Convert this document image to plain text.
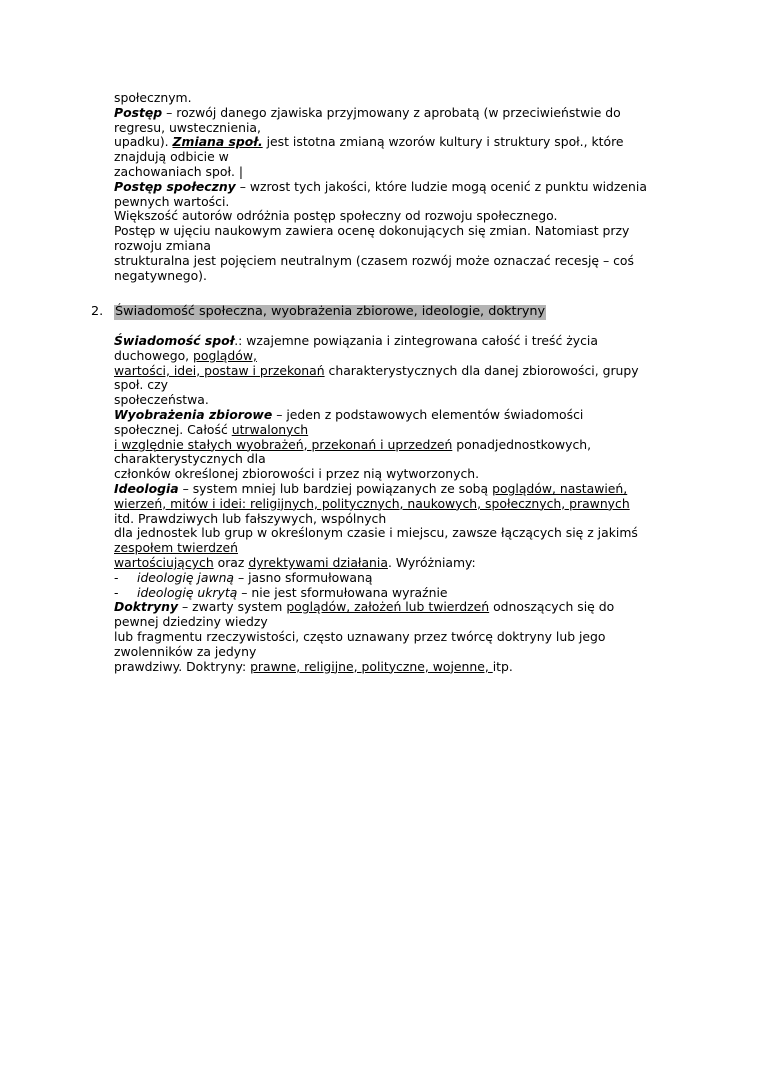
społecznym.
Postęp – rozwój danego zjawiska przyjmowany z aprobatą (w przeciwieństwie do
regresu, uwstecznienia,
upadku). Zmiana społ. jest istotna zmianą wzorów kultury i struktury społ., które
znajdują odbicie w
zachowaniach społ. |
Postęp społeczny – wzrost tych jakości, które ludzie mogą ocenić z punktu widzenia
pewnych wartości.
Większość autorów odróżnia postęp społeczny od rozwoju społecznego.
Postęp w ujęciu naukowym zawiera ocenę dokonujących się zmian. Natomiast przy
rozwoju zmiana
strukturalna jest pojęciem neutralnym (czasem rozwój może oznaczać recesję – coś
negatywnego).
2. Świadomość społeczna, wyobrażenia zbiorowe, ideologie, doktryny
Świadomość społ.: wzajemne powiązania i zintegrowana całość i treść życia
duchowego, poglądów,
wartości, idei, postaw i przekonań charakterystycznych dla danej zbiorowości, grupy
społ. czy
społeczeństwa.
Wyobrażenia zbiorowe – jeden z podstawowych elementów świadomości
społecznej. Całość utrwalonych
i względnie stałych wyobrażeń, przekonań i uprzedzeń ponadjednostkowych,
charakterystycznych dla
członków określonej zbiorowości i przez nią wytworzonych.
Ideologia – system mniej lub bardziej powiązanych ze sobą poglądów, nastawień,
wierzeń, mitów i idei: religijnych, politycznych, naukowych, społecznych, prawnych
itd. Prawdziwych lub fałszywych, wspólnych
dla jednostek lub grup w określonym czasie i miejscu, zawsze łączących się z jakimś
zespołem twierdzeń
wartościujących oraz dyrektywami działania. Wyróżniamy:
- ideologię jawną – jasno sformułowaną
- ideologię ukrytą – nie jest sformułowana wyraźnie
Doktryny – zwarty system poglądów, założeń lub twierdzeń odnoszących się do
pewnej dziedziny wiedzy
lub fragmentu rzeczywistości, często uznawany przez twórcę doktryny lub jego
zwolenników za jedyny
prawdziwy. Doktryny: prawne, religijne, polityczne, wojenne, itp.
